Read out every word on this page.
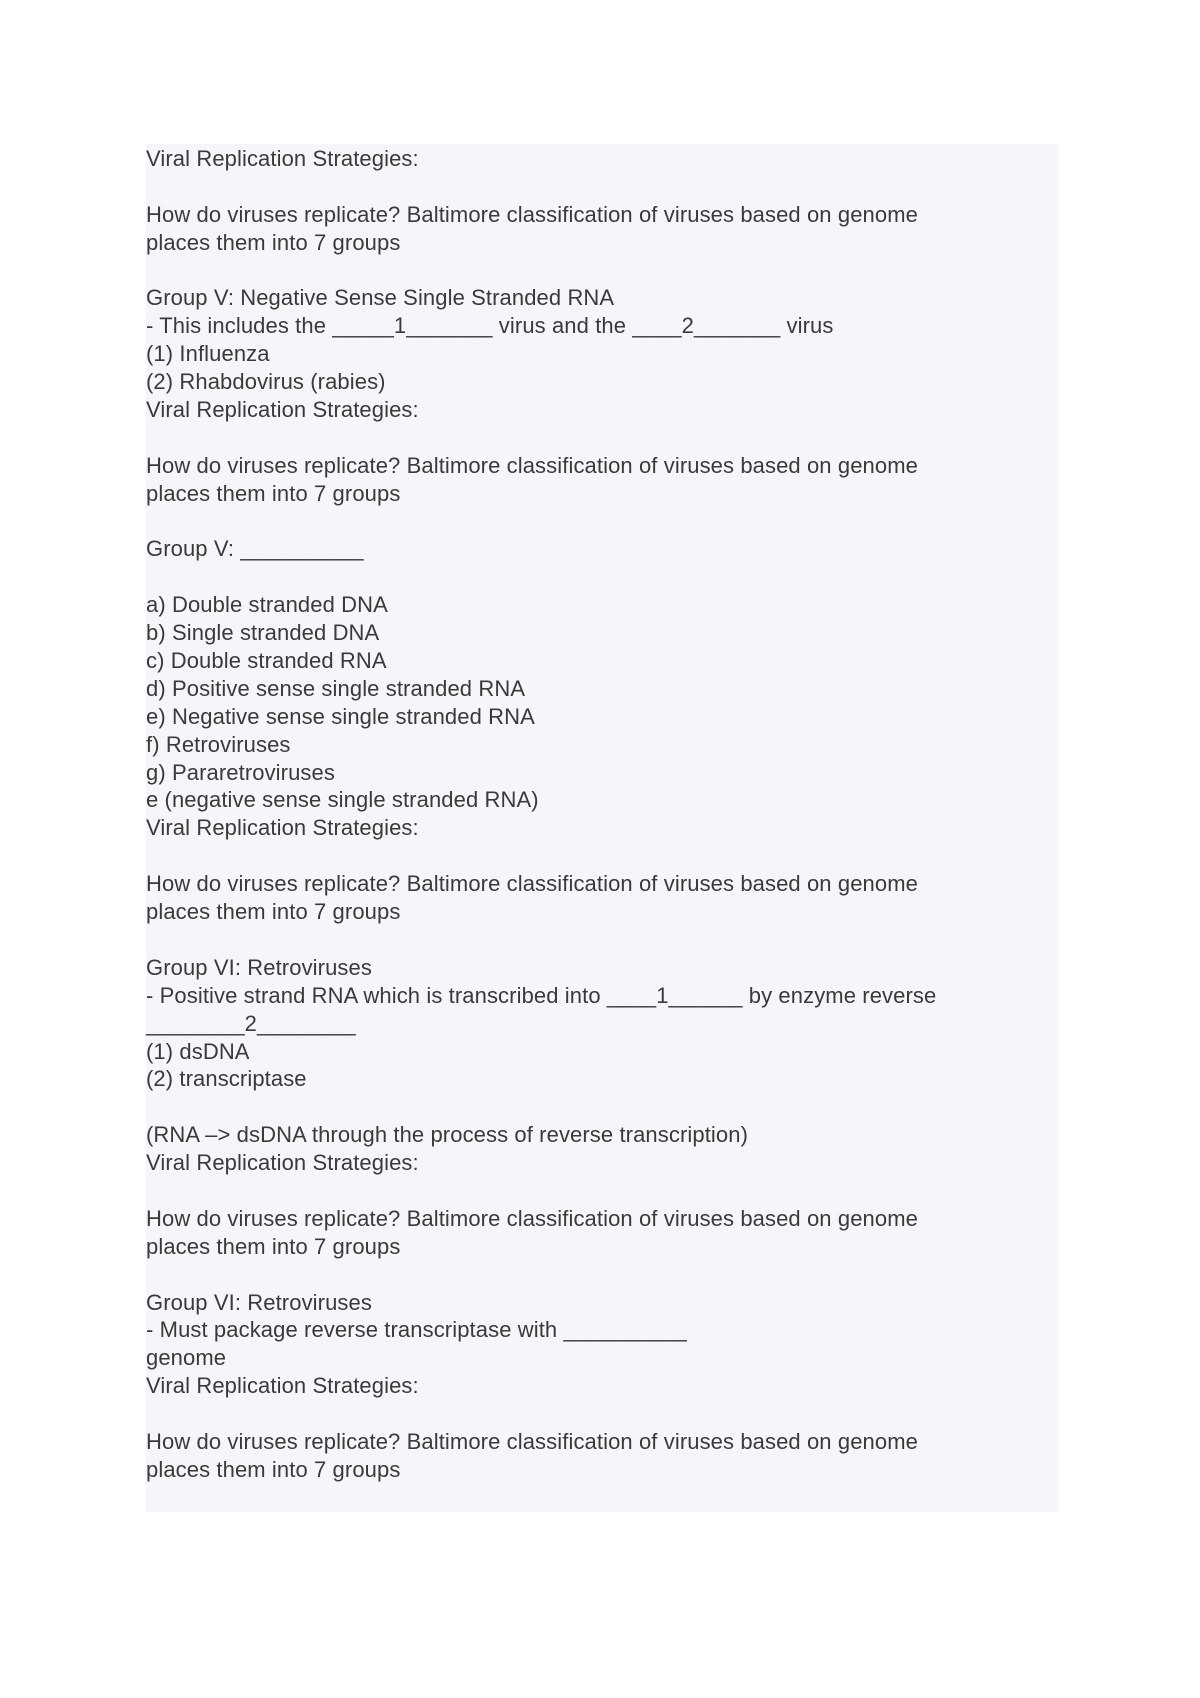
Viral Replication Strategies:
How do viruses replicate? Baltimore classification of viruses based on genome
places them into 7 groups
Group V: Negative Sense Single Stranded RNA
- This includes the _____1_______ virus and the ____2_______ virus
(1) Influenza
(2) Rhabdovirus (rabies)
Viral Replication Strategies:
How do viruses replicate? Baltimore classification of viruses based on genome
places them into 7 groups
Group V: __________
a) Double stranded DNA
b) Single stranded DNA
c) Double stranded RNA
d) Positive sense single stranded RNA
e) Negative sense single stranded RNA
f) Retroviruses
g) Pararetroviruses
e (negative sense single stranded RNA)
Viral Replication Strategies:
How do viruses replicate? Baltimore classification of viruses based on genome
places them into 7 groups
Group VI: Retroviruses
- Positive strand RNA which is transcribed into ____1______ by enzyme reverse
________2________
(1) dsDNA
(2) transcriptase
(RNA –> dsDNA through the process of reverse transcription)
Viral Replication Strategies:
How do viruses replicate? Baltimore classification of viruses based on genome
places them into 7 groups
Group VI: Retroviruses
- Must package reverse transcriptase with __________
genome
Viral Replication Strategies:
How do viruses replicate? Baltimore classification of viruses based on genome
places them into 7 groups
